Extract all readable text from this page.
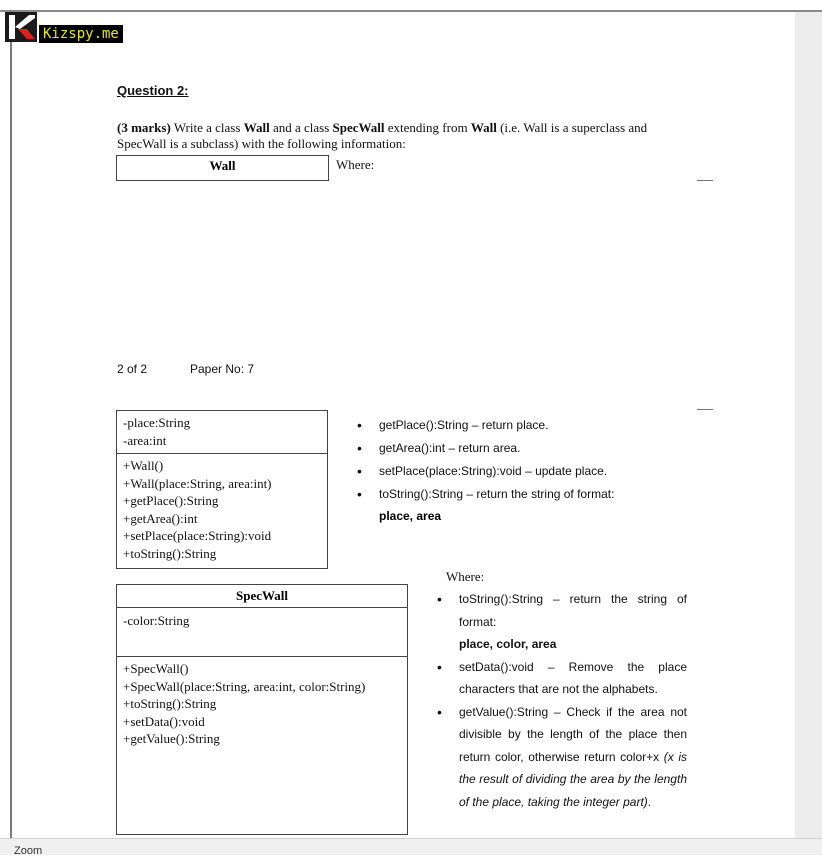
Kizspy.me
Question 2:
(3 marks) Write a class Wall and a class SpecWall extending from Wall (i.e. Wall is a superclass and SpecWall is a subclass) with the following information:
Wall	Where:
2 of 2	Paper No: 7
-place:String
-area:int
+Wall()
+Wall(place:String, area:int)
+getPlace():String
+getArea():int
+setPlace(place:String):void
+toString():String
• getPlace():String – return place.
• getArea():int – return area.
• setPlace(place:String):void – update place.
• toString():String – return the string of format:
place, area
SpecWall
-color:String
+SpecWall()
+SpecWall(place:String, area:int, color:String)
+toString():String
+setData():void
+getValue():String
Where:
• toString():String – return the string of format:
place, color, area
• setData():void – Remove the place characters that are not the alphabets.
• getValue():String – Check if the area not divisible by the length of the place then return color, otherwise return color+x (x is the result of dividing the area by the length of the place, taking the integer part).
Zoom
